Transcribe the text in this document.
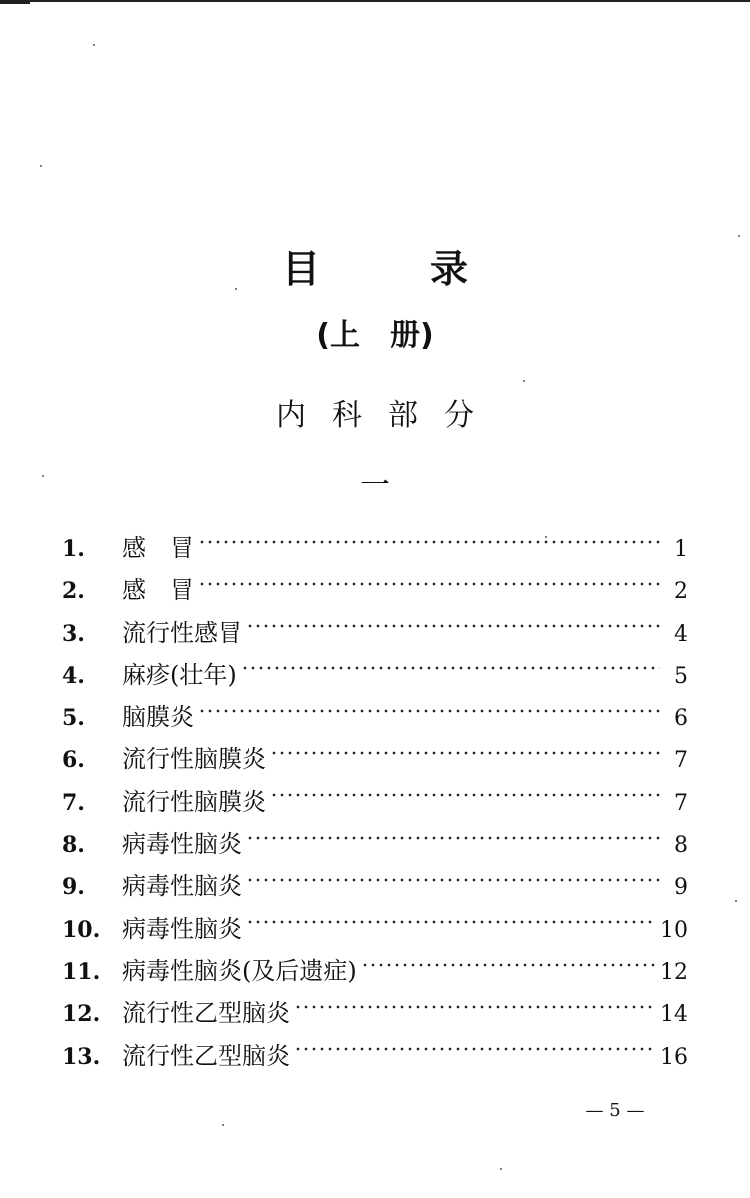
目	录
(上　册)
内科部分
一
1.	感　冒	1
2.	感　冒	2
3.	流行性感冒	4
4.	麻疹(壮年)	5
5.	脑膜炎	6
6.	流行性脑膜炎	7
7.	流行性脑膜炎	7
8.	病毒性脑炎	8
9.	病毒性脑炎	9
10. 病毒性脑炎	10
11. 病毒性脑炎(及后遗症)	12
12. 流行性乙型脑炎	14
13. 流行性乙型脑炎	16
— 5 —
